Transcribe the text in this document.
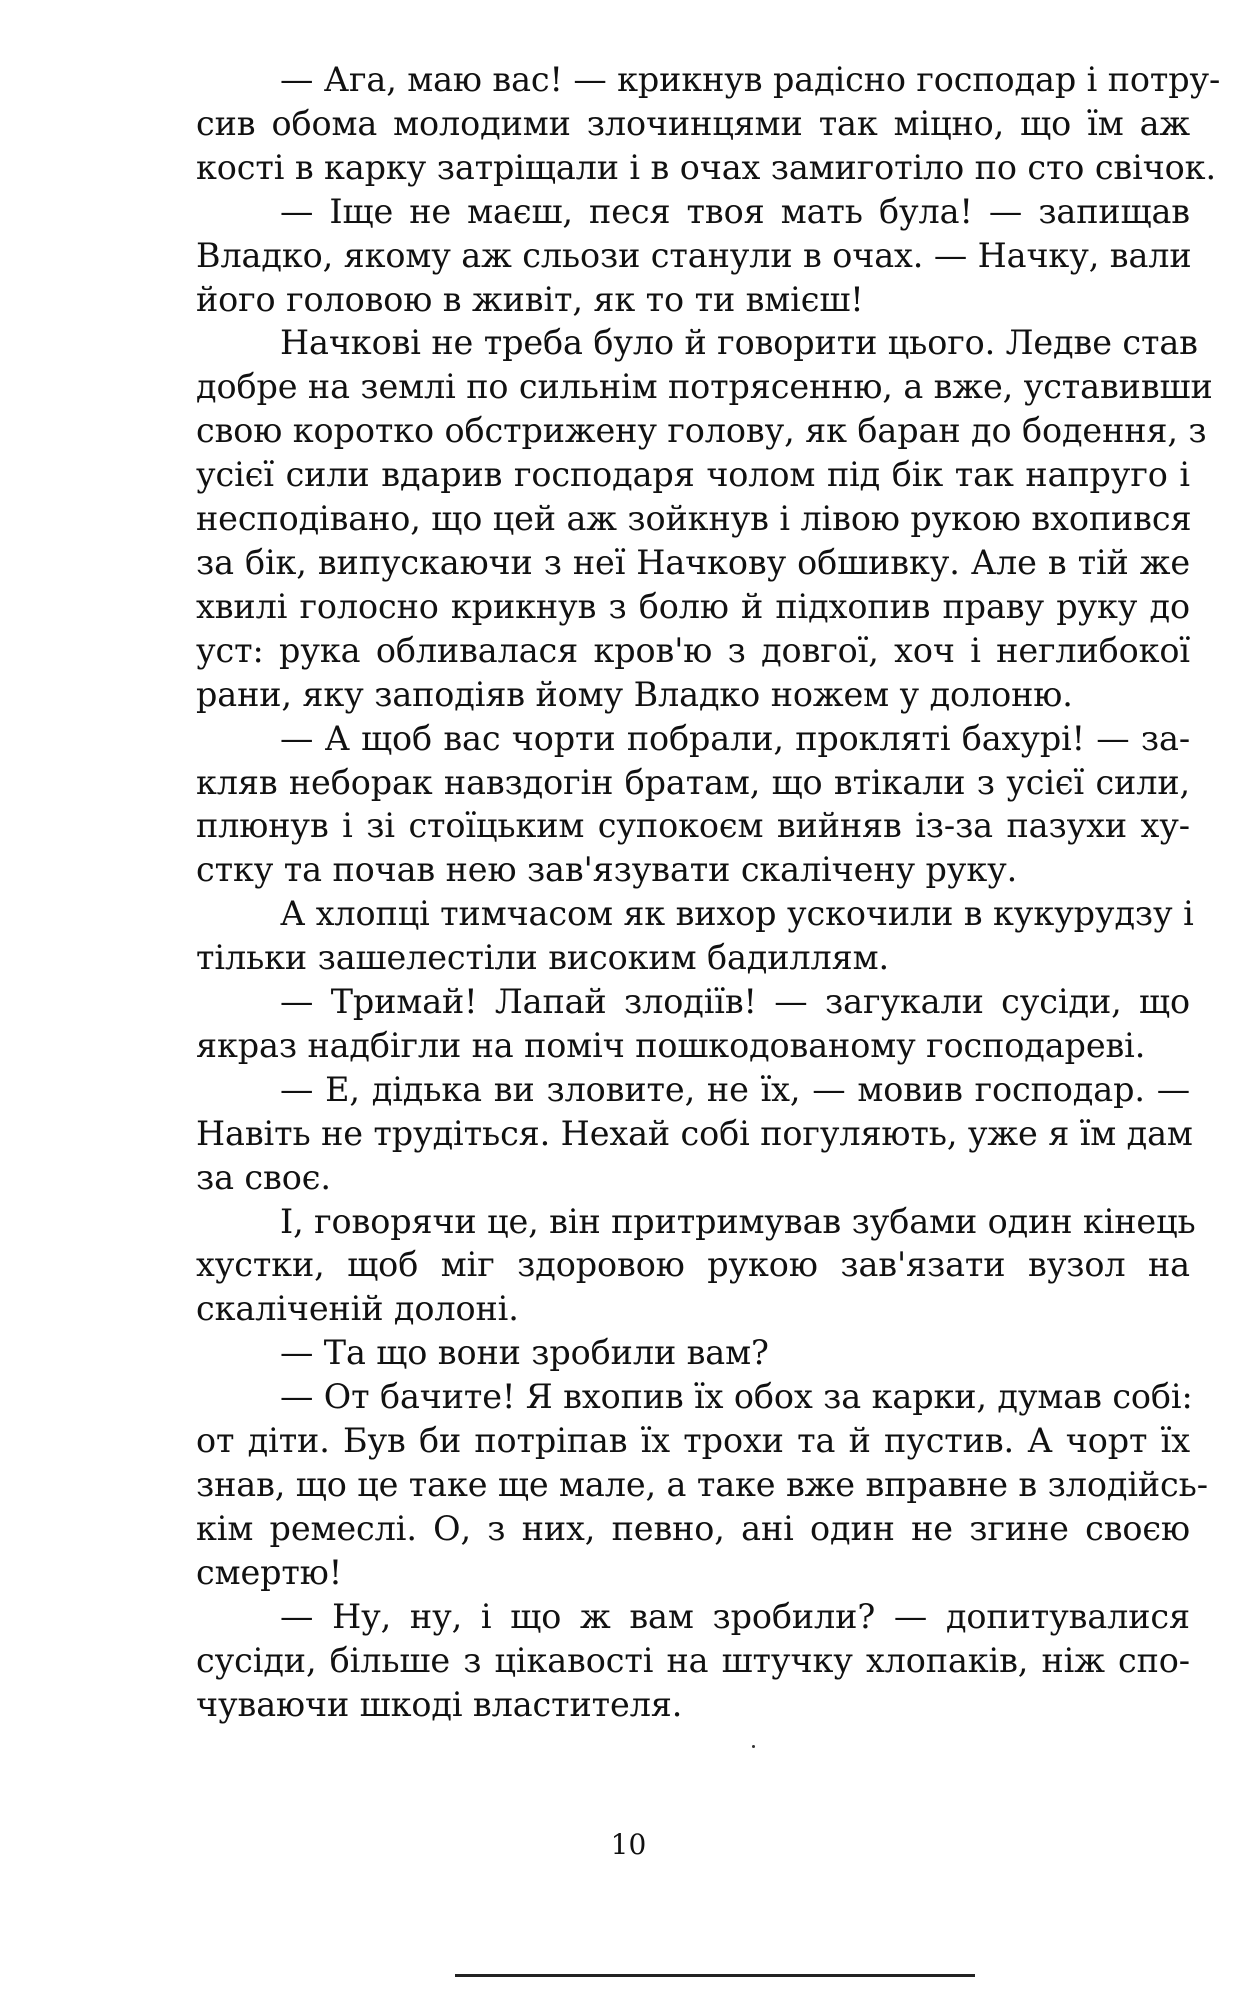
— Ага, маю вас! — крикнув радісно господар і потру-
сив обома молодими злочинцями так міцно, що їм аж
кості в карку затріщали і в очах замиготіло по сто свічок.
— Іще не маєш, песя твоя мать була! — запищав
Владко, якому аж сльози станули в очах. — Начку, вали
його головою в живіт, як то ти вмієш!
Начкові не треба було й говорити цього. Ледве став
добре на землі по сильнім потрясенню, а вже, уставивши
свою коротко обстрижену голову, як баран до бодення, з
усієї сили вдарив господаря чолом під бік так напруго і
несподівано, що цей аж зойкнув і лівою рукою вхопився
за бік, випускаючи з неї Начкову обшивку. Але в тій же
хвилі голосно крикнув з болю й підхопив праву руку до
уст: рука обливалася кров'ю з довгої, хоч і неглибокої
рани, яку заподіяв йому Владко ножем у долоню.
— А щоб вас чорти побрали, прокляті бахурі! — за-
кляв неборак навздогін братам, що втікали з усієї сили,
плюнув і зі стоїцьким супокоєм вийняв із-за пазухи ху-
стку та почав нею зав'язувати скалічену руку.
А хлопці тимчасом як вихор ускочили в кукурудзу і
тільки зашелестіли високим бадиллям.
— Тримай! Лапай злодіїв! — загукали сусіди, що
якраз надбігли на поміч пошкодованому господареві.
— Е, дідька ви зловите, не їх, — мовив господар. —
Навіть не трудіться. Нехай собі погуляють, уже я їм дам
за своє.
І, говорячи це, він притримував зубами один кінець
хустки, щоб міг здоровою рукою зав'язати вузол на
скаліченій долоні.
— Та що вони зробили вам?
— От бачите! Я вхопив їх обох за карки, думав собі:
от діти. Був би потріпав їх трохи та й пустив. А чорт їх
знав, що це таке ще мале, а таке вже вправне в злодійсь-
кім ремеслі. О, з них, певно, ані один не згине своєю
смертю!
— Ну, ну, і що ж вам зробили? — допитувалися
сусіди, більше з цікавості на штучку хлопаків, ніж спо-
чуваючи шкоді властителя.
10
